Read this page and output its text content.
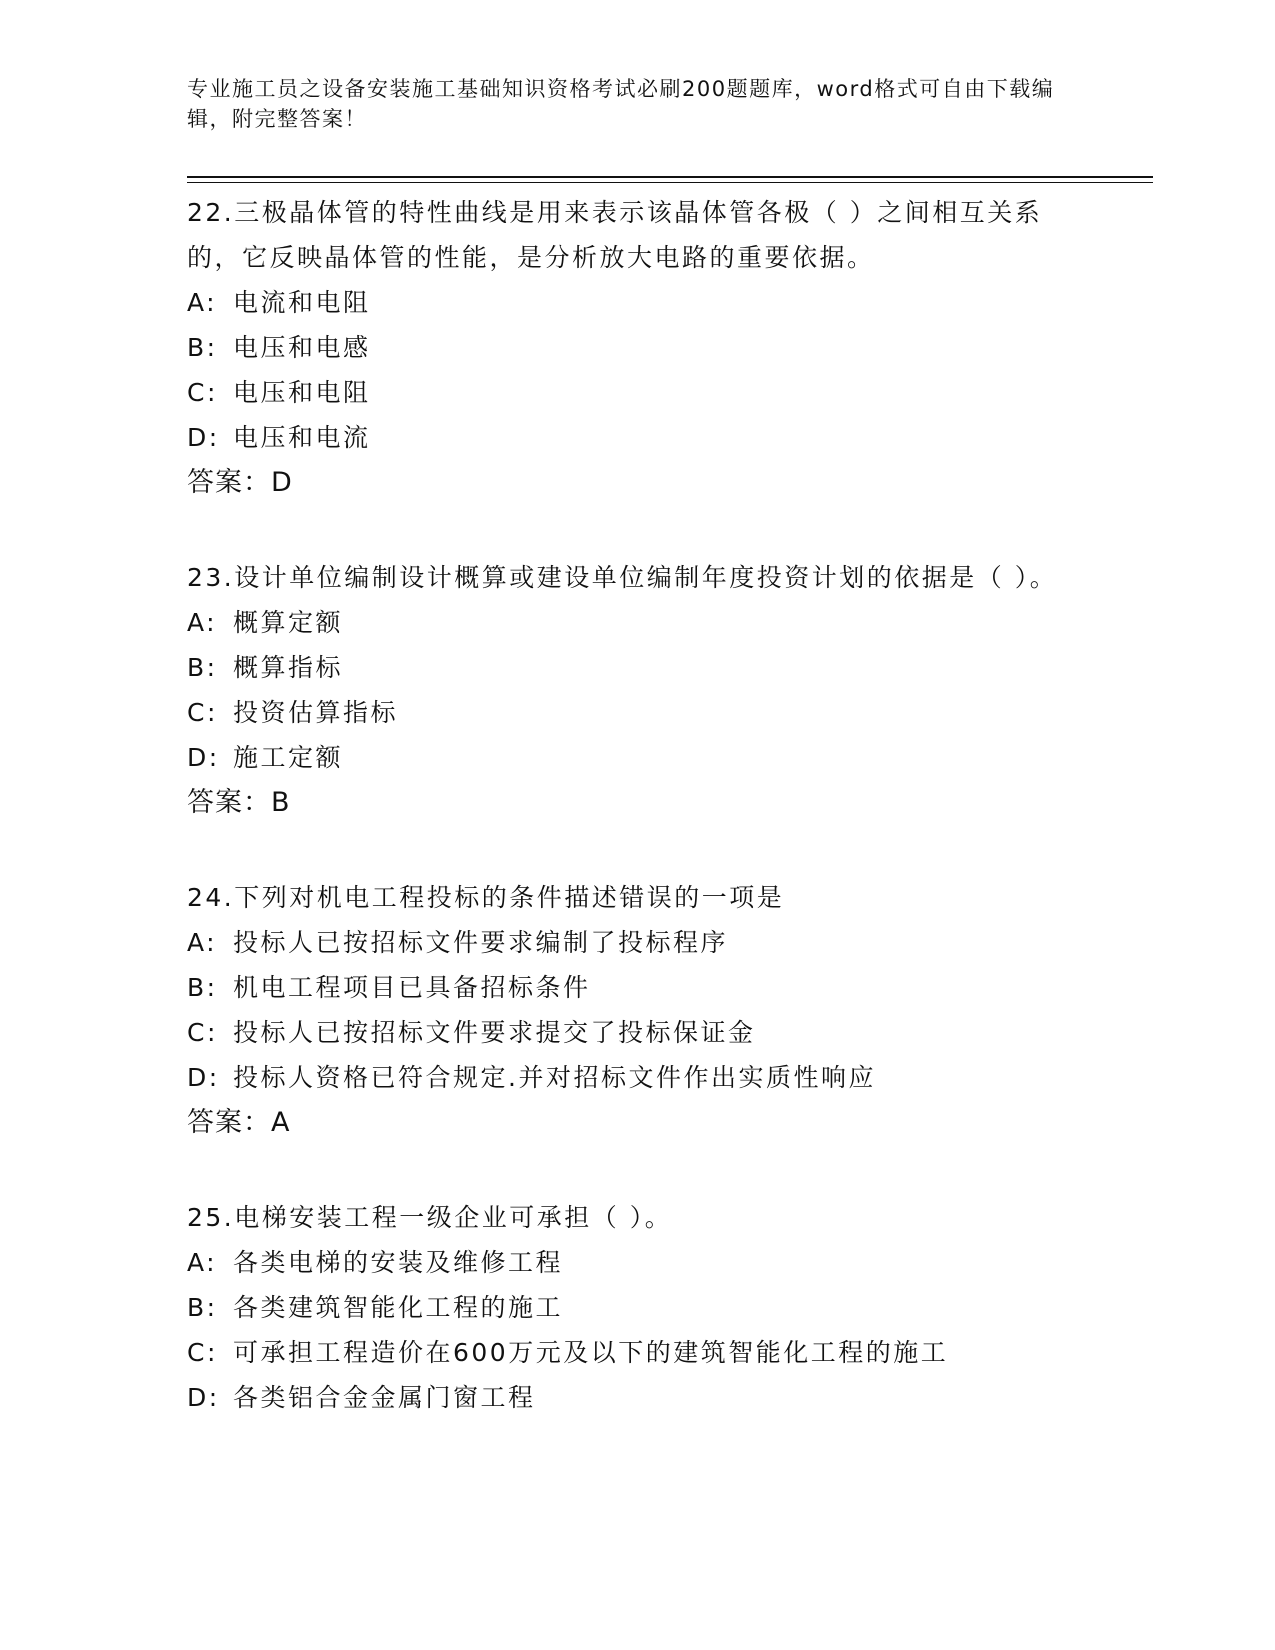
专业施工员之设备安装施工基础知识资格考试必刷200题题库，word格式可自由下载编辑，附完整答案！
22.三极晶体管的特性曲线是用来表示该晶体管各极（ ）之间相互关系的，它反映晶体管的性能，是分析放大电路的重要依据。
A: 电流和电阻
B: 电压和电感
C: 电压和电阻
D: 电压和电流
答案：D
23.设计单位编制设计概算或建设单位编制年度投资计划的依据是（ ）。
A: 概算定额
B: 概算指标
C: 投资估算指标
D: 施工定额
答案：B
24.下列对机电工程投标的条件描述错误的一项是
A: 投标人已按招标文件要求编制了投标程序
B: 机电工程项目已具备招标条件
C: 投标人已按招标文件要求提交了投标保证金
D: 投标人资格已符合规定.并对招标文件作出实质性响应
答案：A
25.电梯安装工程一级企业可承担（ ）。
A: 各类电梯的安装及维修工程
B: 各类建筑智能化工程的施工
C: 可承担工程造价在600万元及以下的建筑智能化工程的施工
D: 各类铝合金金属门窗工程
